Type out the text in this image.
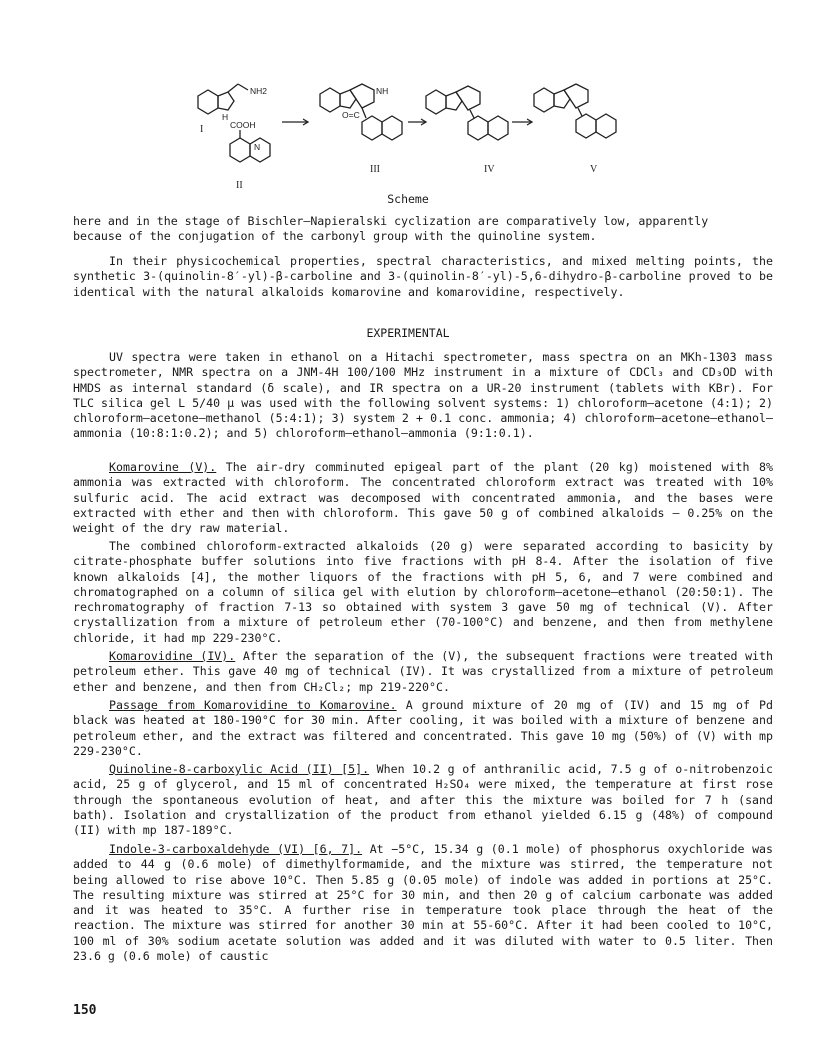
H
NH2
COOH
N
NH
O=C
I
II
III	IV	V
Scheme
here and in the stage of Bischler—Napieralski cyclization are comparatively low, apparently
because of the conjugation of the carbonyl group with the quinoline system.
In their physicochemical properties, spectral characteristics, and mixed melting points, the synthetic 3-(quinolin-8′-yl)-β-carboline and 3-(quinolin-8′-yl)-5,6-dihydro-β-carboline proved to be identical with the natural alkaloids komarovine and komarovidine, respectively.
EXPERIMENTAL
UV spectra were taken in ethanol on a Hitachi spectrometer, mass spectra on an MKh-1303 mass spectrometer, NMR spectra on a JNM-4H 100/100 MHz instrument in a mixture of CDCl₃ and CD₃OD with HMDS as internal standard (δ scale), and IR spectra on a UR-20 instrument (tablets with KBr). For TLC silica gel L 5/40 μ was used with the following solvent systems: 1) chloroform—acetone (4:1); 2) chloroform—acetone—methanol (5:4:1); 3) system 2 + 0.1 conc. ammonia; 4) chloroform—acetone—ethanol—ammonia (10:8:1:0.2); and 5) chloroform—ethanol—ammonia (9:1:0.1).
Komarovine (V). The air-dry comminuted epigeal part of the plant (20 kg) moistened with 8% ammonia was extracted with chloroform. The concentrated chloroform extract was treated with 10% sulfuric acid. The acid extract was decomposed with concentrated ammonia, and the bases were extracted with ether and then with chloroform. This gave 50 g of combined alkaloids — 0.25% on the weight of the dry raw material.
The combined chloroform-extracted alkaloids (20 g) were separated according to basicity by citrate-phosphate buffer solutions into five fractions with pH 8-4. After the isolation of five known alkaloids [4], the mother liquors of the fractions with pH 5, 6, and 7 were combined and chromatographed on a column of silica gel with elution by chloroform—acetone—ethanol (20:50:1). The rechromatography of fraction 7-13 so obtained with system 3 gave 50 mg of technical (V). After crystallization from a mixture of petroleum ether (70-100°C) and benzene, and then from methylene chloride, it had mp 229-230°C.
Komarovidine (IV). After the separation of the (V), the subsequent fractions were treated with petroleum ether. This gave 40 mg of technical (IV). It was crystallized from a mixture of petroleum ether and benzene, and then from CH₂Cl₂; mp 219-220°C.
Passage from Komarovidine to Komarovine. A ground mixture of 20 mg of (IV) and 15 mg of Pd black was heated at 180-190°C for 30 min. After cooling, it was boiled with a mixture of benzene and petroleum ether, and the extract was filtered and concentrated. This gave 10 mg (50%) of (V) with mp 229-230°C.
Quinoline-8-carboxylic Acid (II) [5]. When 10.2 g of anthranilic acid, 7.5 g of o-nitrobenzoic acid, 25 g of glycerol, and 15 ml of concentrated H₂SO₄ were mixed, the temperature at first rose through the spontaneous evolution of heat, and after this the mixture was boiled for 7 h (sand bath). Isolation and crystallization of the product from ethanol yielded 6.15 g (48%) of compound (II) with mp 187-189°C.
Indole-3-carboxaldehyde (VI) [6, 7]. At −5°C, 15.34 g (0.1 mole) of phosphorus oxychloride was added to 44 g (0.6 mole) of dimethylformamide, and the mixture was stirred, the temperature not being allowed to rise above 10°C. Then 5.85 g (0.05 mole) of indole was added in portions at 25°C. The resulting mixture was stirred at 25°C for 30 min, and then 20 g of calcium carbonate was added and it was heated to 35°C. A further rise in temperature took place through the heat of the reaction. The mixture was stirred for another 30 min at 55-60°C. After it had been cooled to 10°C, 100 ml of 30% sodium acetate solution was added and it was diluted with water to 0.5 liter. Then 23.6 g (0.6 mole) of caustic
150
